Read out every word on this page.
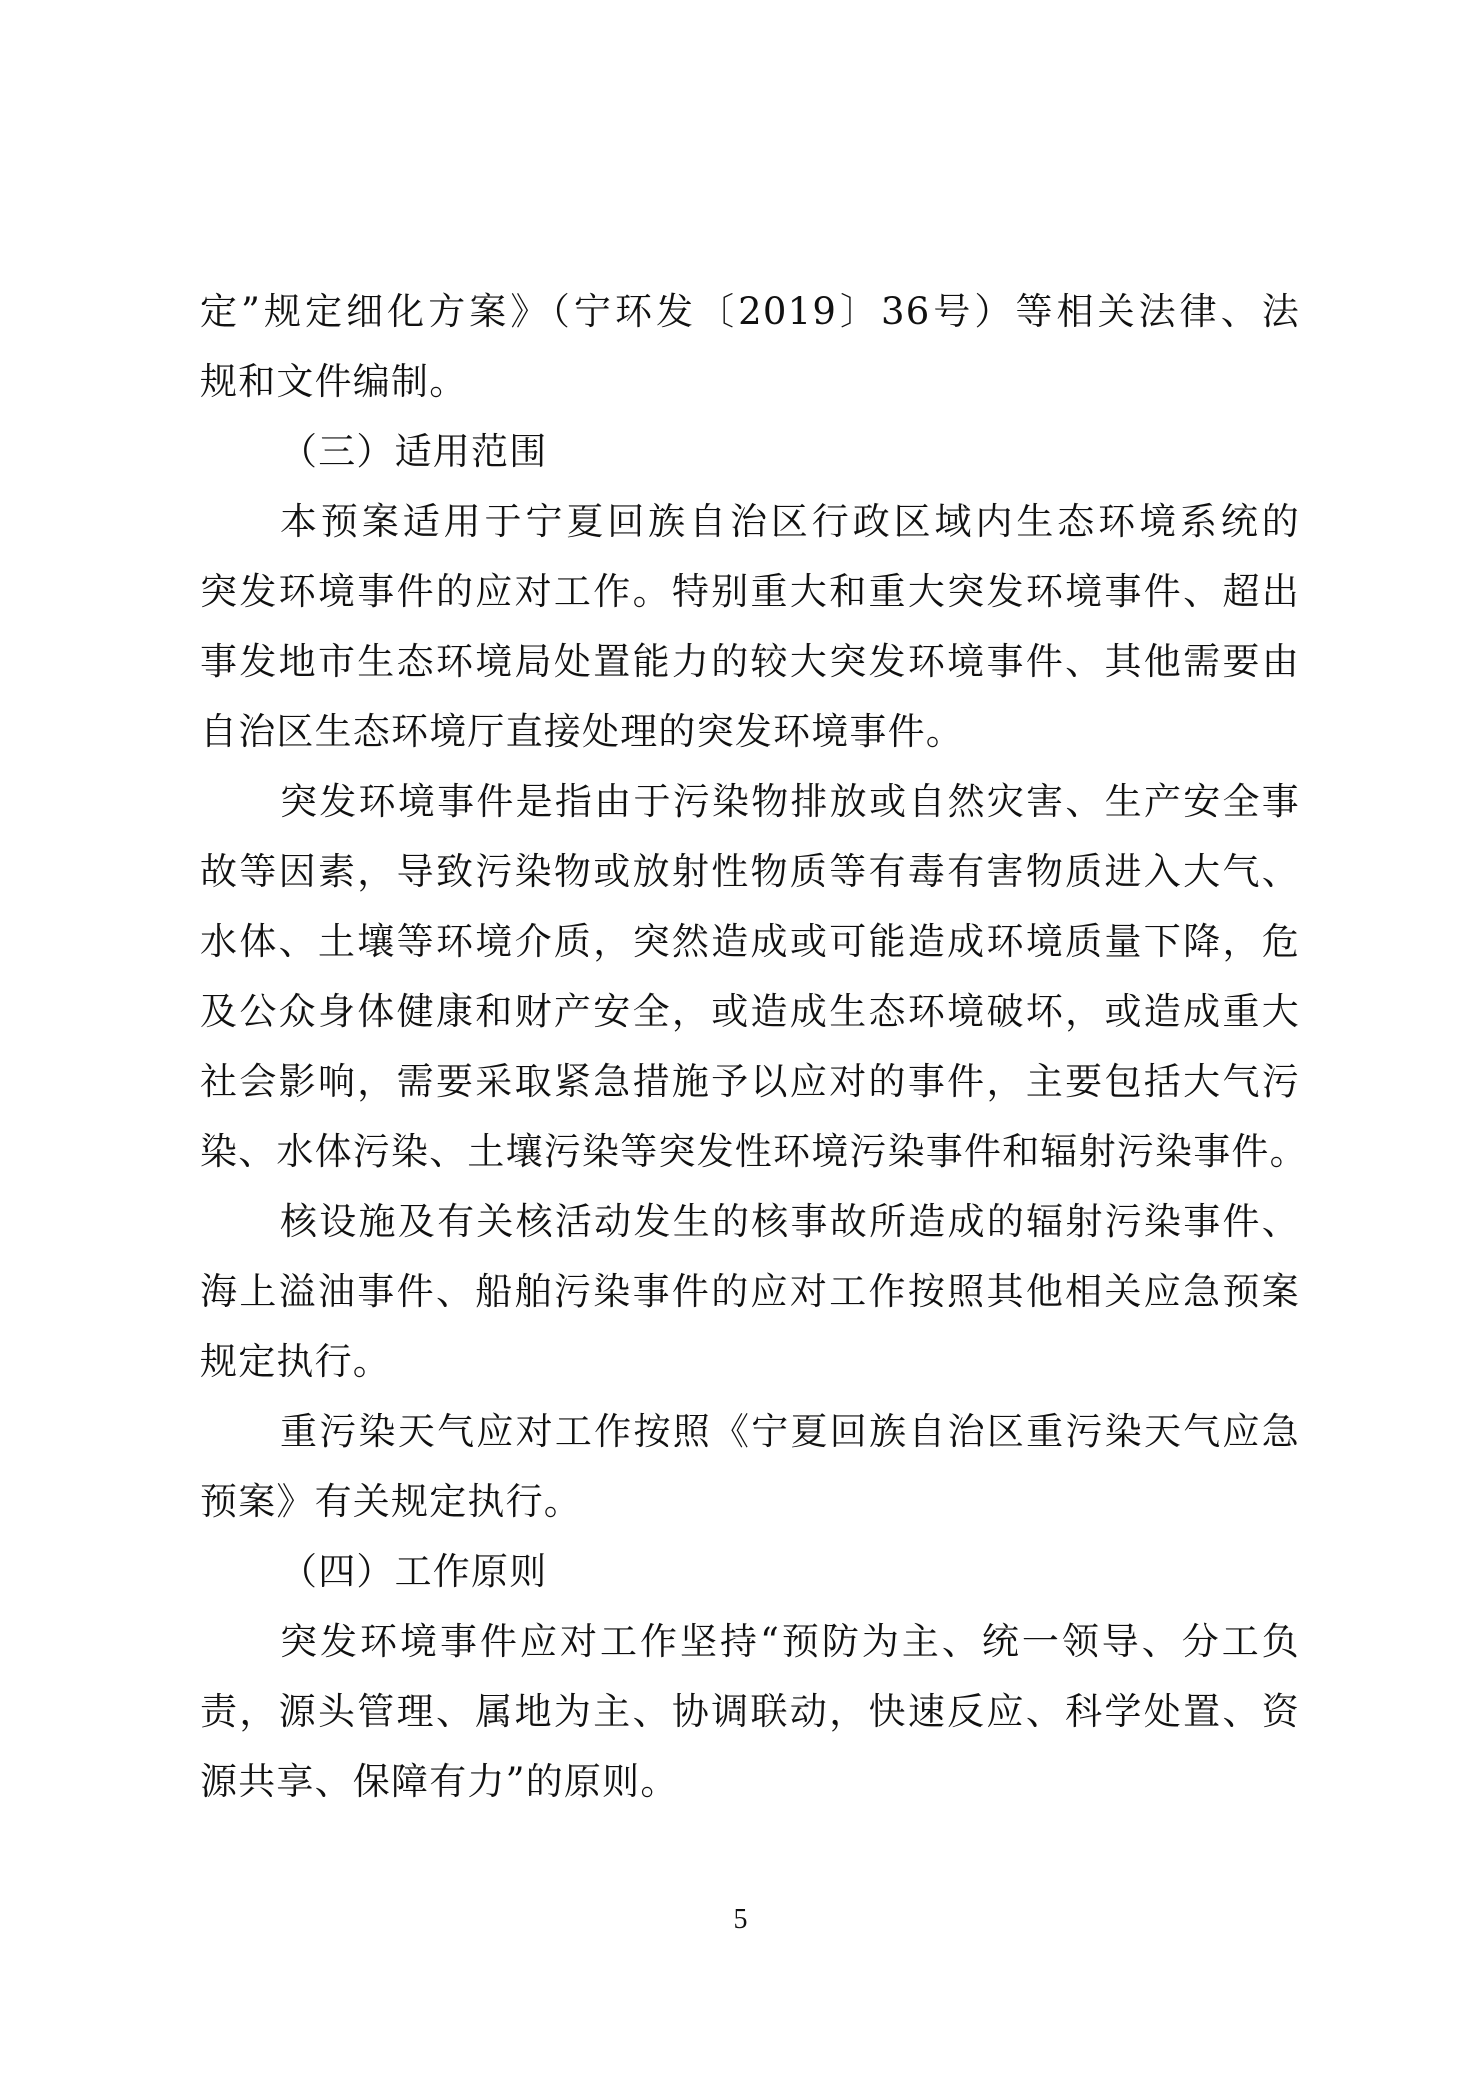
定”规定细化方案》（宁环发〔2019〕36号）等相关法律、法
规和文件编制。
（三）适用范围
本预案适用于宁夏回族自治区行政区域内生态环境系统的
突发环境事件的应对工作。特别重大和重大突发环境事件、超出
事发地市生态环境局处置能力的较大突发环境事件、其他需要由
自治区生态环境厅直接处理的突发环境事件。
突发环境事件是指由于污染物排放或自然灾害、生产安全事
故等因素，导致污染物或放射性物质等有毒有害物质进入大气、
水体、土壤等环境介质，突然造成或可能造成环境质量下降，危
及公众身体健康和财产安全，或造成生态环境破坏，或造成重大
社会影响，需要采取紧急措施予以应对的事件，主要包括大气污
染、水体污染、土壤污染等突发性环境污染事件和辐射污染事件。
核设施及有关核活动发生的核事故所造成的辐射污染事件、
海上溢油事件、船舶污染事件的应对工作按照其他相关应急预案
规定执行。
重污染天气应对工作按照《宁夏回族自治区重污染天气应急
预案》有关规定执行。
（四）工作原则
突发环境事件应对工作坚持“预防为主、统一领导、分工负
责，源头管理、属地为主、协调联动，快速反应、科学处置、资
源共享、保障有力”的原则。
5
